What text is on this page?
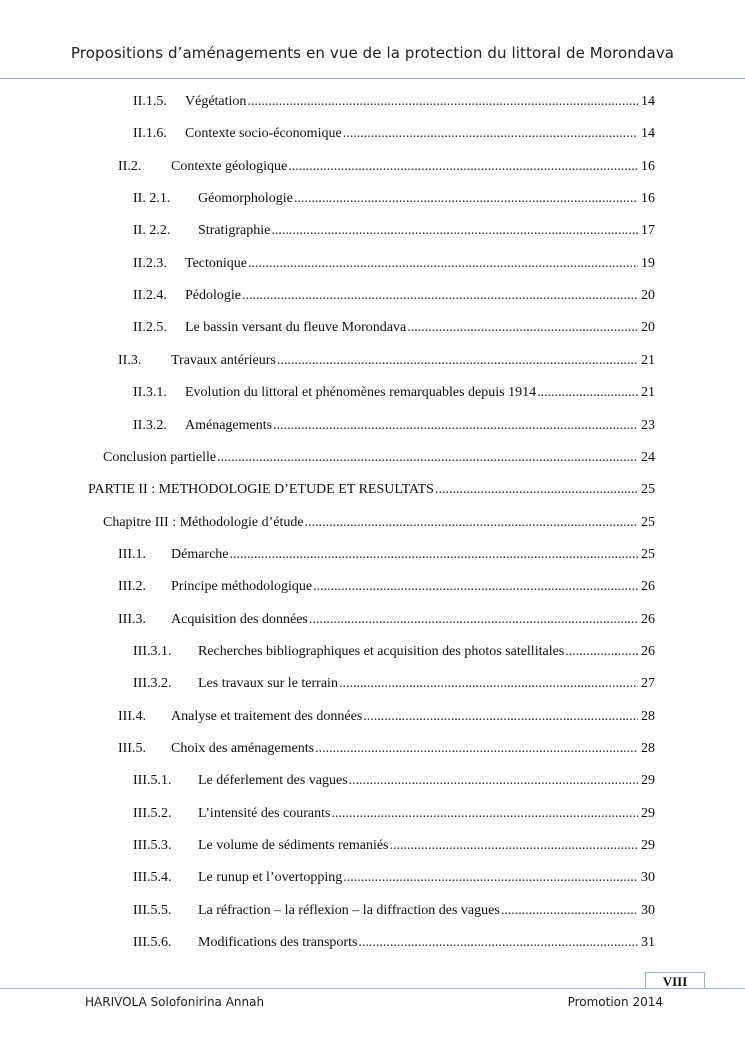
Propositions d’aménagements en vue de la protection du littoral de Morondava
II.1.5.	Végétation .....	14
II.1.6.	Contexte socio-économique .....	14
II.2.	Contexte géologique .....	16
II. 2.1.	Géomorphologie .....	16
II. 2.2.	Stratigraphie .....	17
II.2.3.	Tectonique .....	19
II.2.4.	Pédologie .....	20
II.2.5.	Le bassin versant du fleuve Morondava .....	20
II.3.	Travaux antérieurs .....	21
II.3.1.	Evolution du littoral et phénomènes remarquables depuis 1914 .....	21
II.3.2.	Aménagements .....	23
Conclusion partielle .....	24
PARTIE II : METHODOLOGIE D’ETUDE ET RESULTATS .....	25
Chapitre III : Méthodologie d’étude .....	25
III.1.	Démarche .....	25
III.2.	Principe méthodologique .....	26
III.3.	Acquisition des données .....	26
III.3.1.	Recherches bibliographiques et acquisition des photos satellitales .....	26
III.3.2.	Les travaux sur le terrain .....	27
III.4.	Analyse et traitement des données .....	28
III.5.	Choix des aménagements .....	28
III.5.1.	Le déferlement des vagues .....	29
III.5.2.	L’intensité des courants .....	29
III.5.3.	Le volume de sédiments remaniés .....	29
III.5.4.	Le runup et l’overtopping .....	30
III.5.5.	La réfraction – la réflexion – la diffraction des vagues .....	30
III.5.6.	Modifications des transports .....	31
VIII
HARIVOLA Solofonirina Annah	Promotion 2014
